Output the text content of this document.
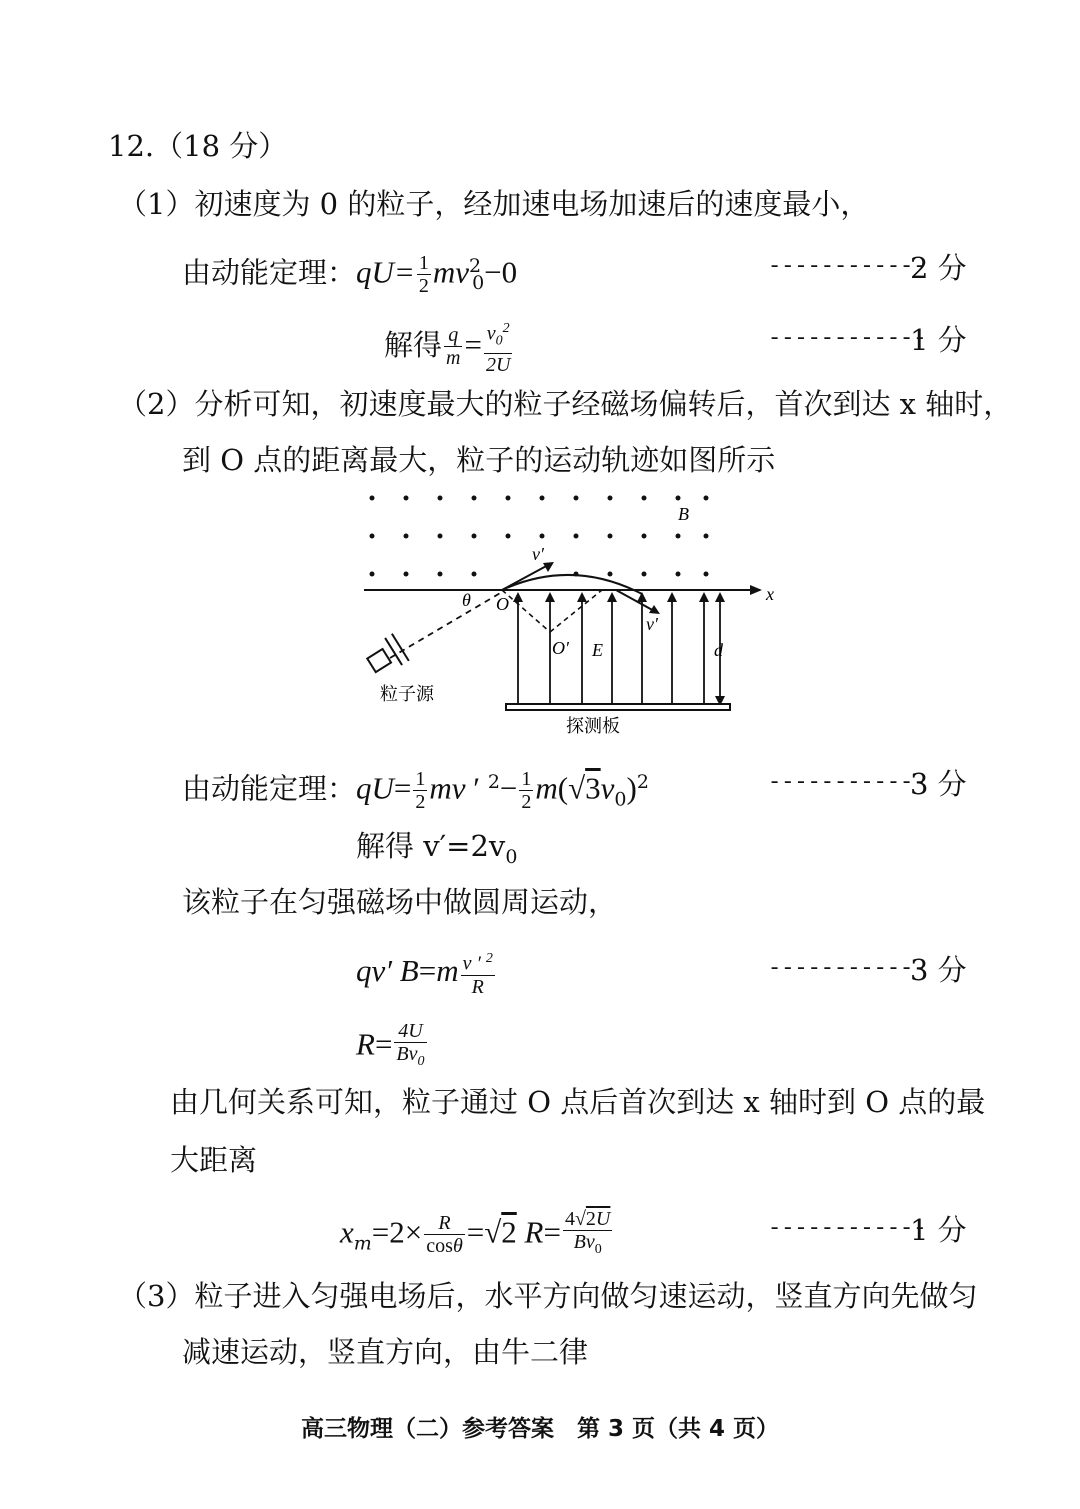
12.（18 分）
（1）初速度为 0 的粒子，经加速电场加速后的速度最小，
由动能定理：$qU= \frac{1}{2} mv^2_0-0$	------------
2 分
解得 $\frac{q}{m} = \frac{v_0^2}{2U}$	------------
1 分
（2）分析可知，初速度最大的粒子经磁场偏转后，首次到达 x 轴时，
到 O 点的距离最大，粒子的运动轨迹如图所示
B
x
粒子源
v′
v′
θ O
O′ E	d
探测板
由动能定理：$qU= \frac{1}{2}$ mv ′ $^2- \frac{1}{2} m(√3v_0)^2$	------------
3 分
解得 $v'=2v_0$
该粒子在匀强磁场中做圆周运动，
qv′ $B=m \frac{v ' ^2}{R}$	------------
3 分
$R= \frac{4U}{Bv_0}$
由几何关系可知，粒子通过 O 点后首次到达 x 轴时到 O 点的最
大距离
$x_m=2\times \frac{R}{\cos\theta} =√2$ $R= \frac{4√2U}{Bv_0}$	------------
1 分
（3）粒子进入匀强电场后，水平方向做匀速运动，竖直方向先做匀
减速运动，竖直方向，由牛二律
高三物理（二）参考答案　第 3 页（共 4 页）
